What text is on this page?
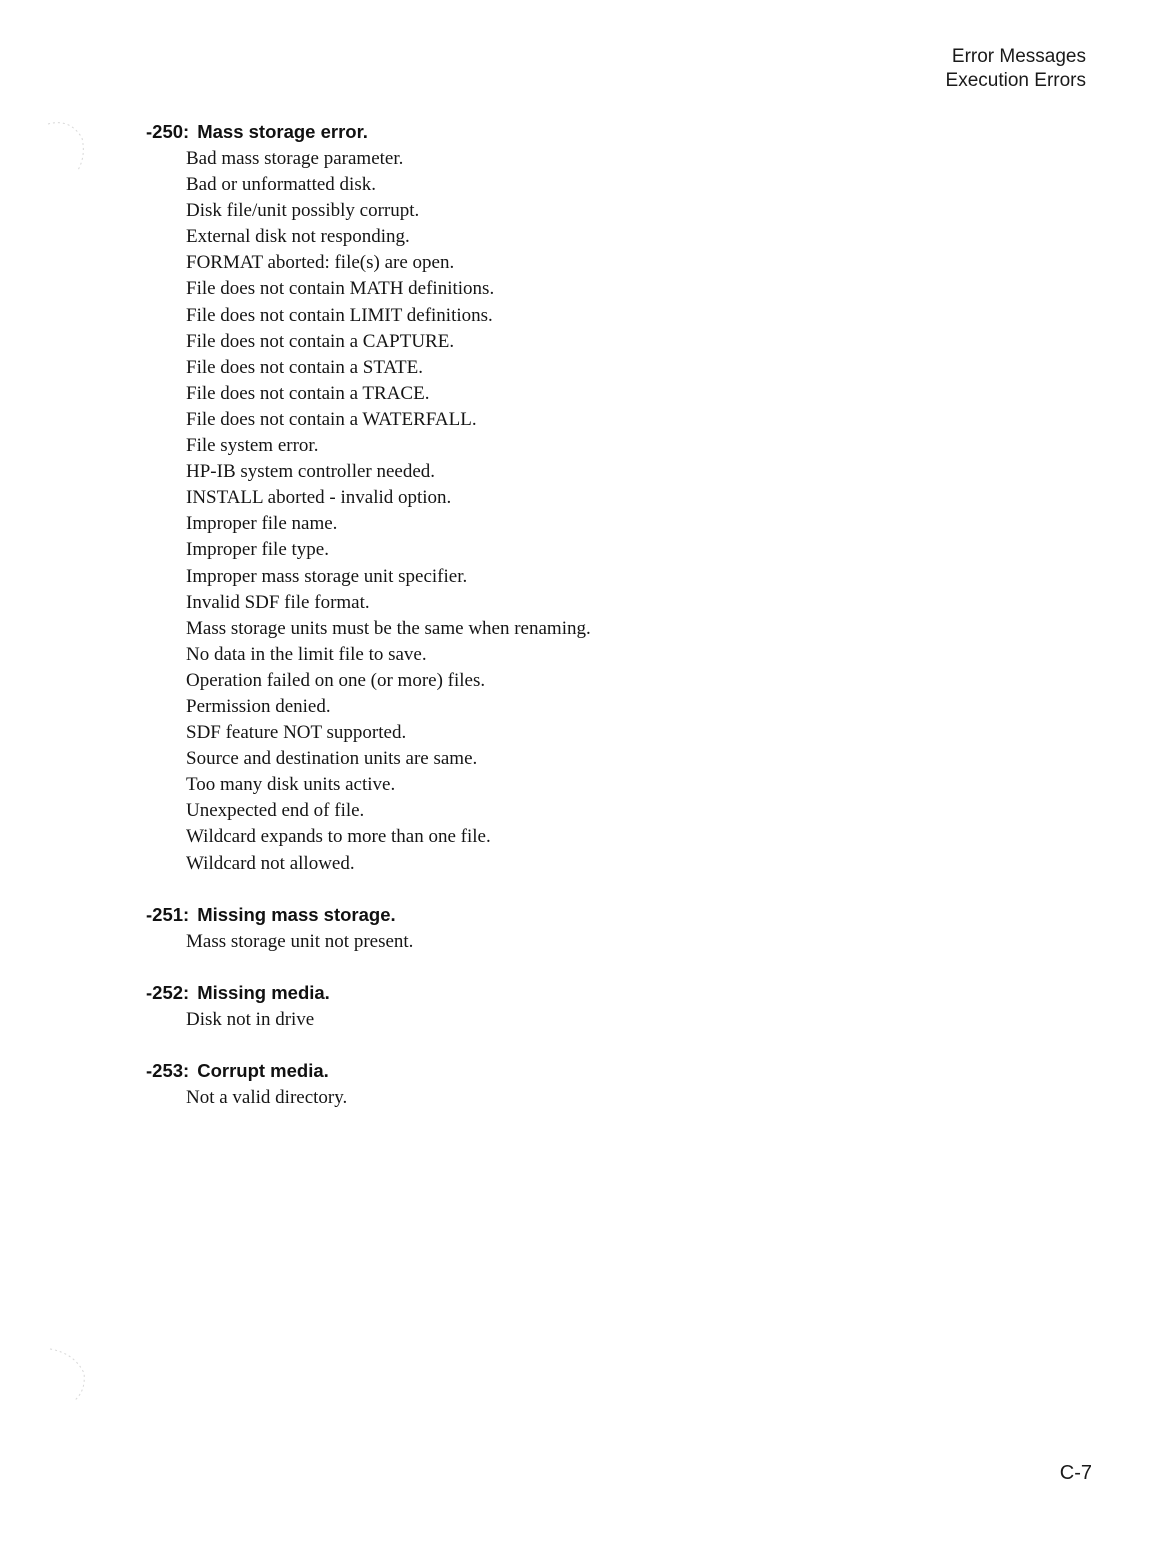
Error Messages
Execution Errors
-250: Mass storage error.
Bad mass storage parameter.
Bad or unformatted disk.
Disk file/unit possibly corrupt.
External disk not responding.
FORMAT aborted: file(s) are open.
File does not contain MATH definitions.
File does not contain LIMIT definitions.
File does not contain a CAPTURE.
File does not contain a STATE.
File does not contain a TRACE.
File does not contain a WATERFALL.
File system error.
HP-IB system controller needed.
INSTALL aborted - invalid option.
Improper file name.
Improper file type.
Improper mass storage unit specifier.
Invalid SDF file format.
Mass storage units must be the same when renaming.
No data in the limit file to save.
Operation failed on one (or more) files.
Permission denied.
SDF feature NOT supported.
Source and destination units are same.
Too many disk units active.
Unexpected end of file.
Wildcard expands to more than one file.
Wildcard not allowed.
-251: Missing mass storage.
Mass storage unit not present.
-252: Missing media.
Disk not in drive
-253: Corrupt media.
Not a valid directory.
C-7
